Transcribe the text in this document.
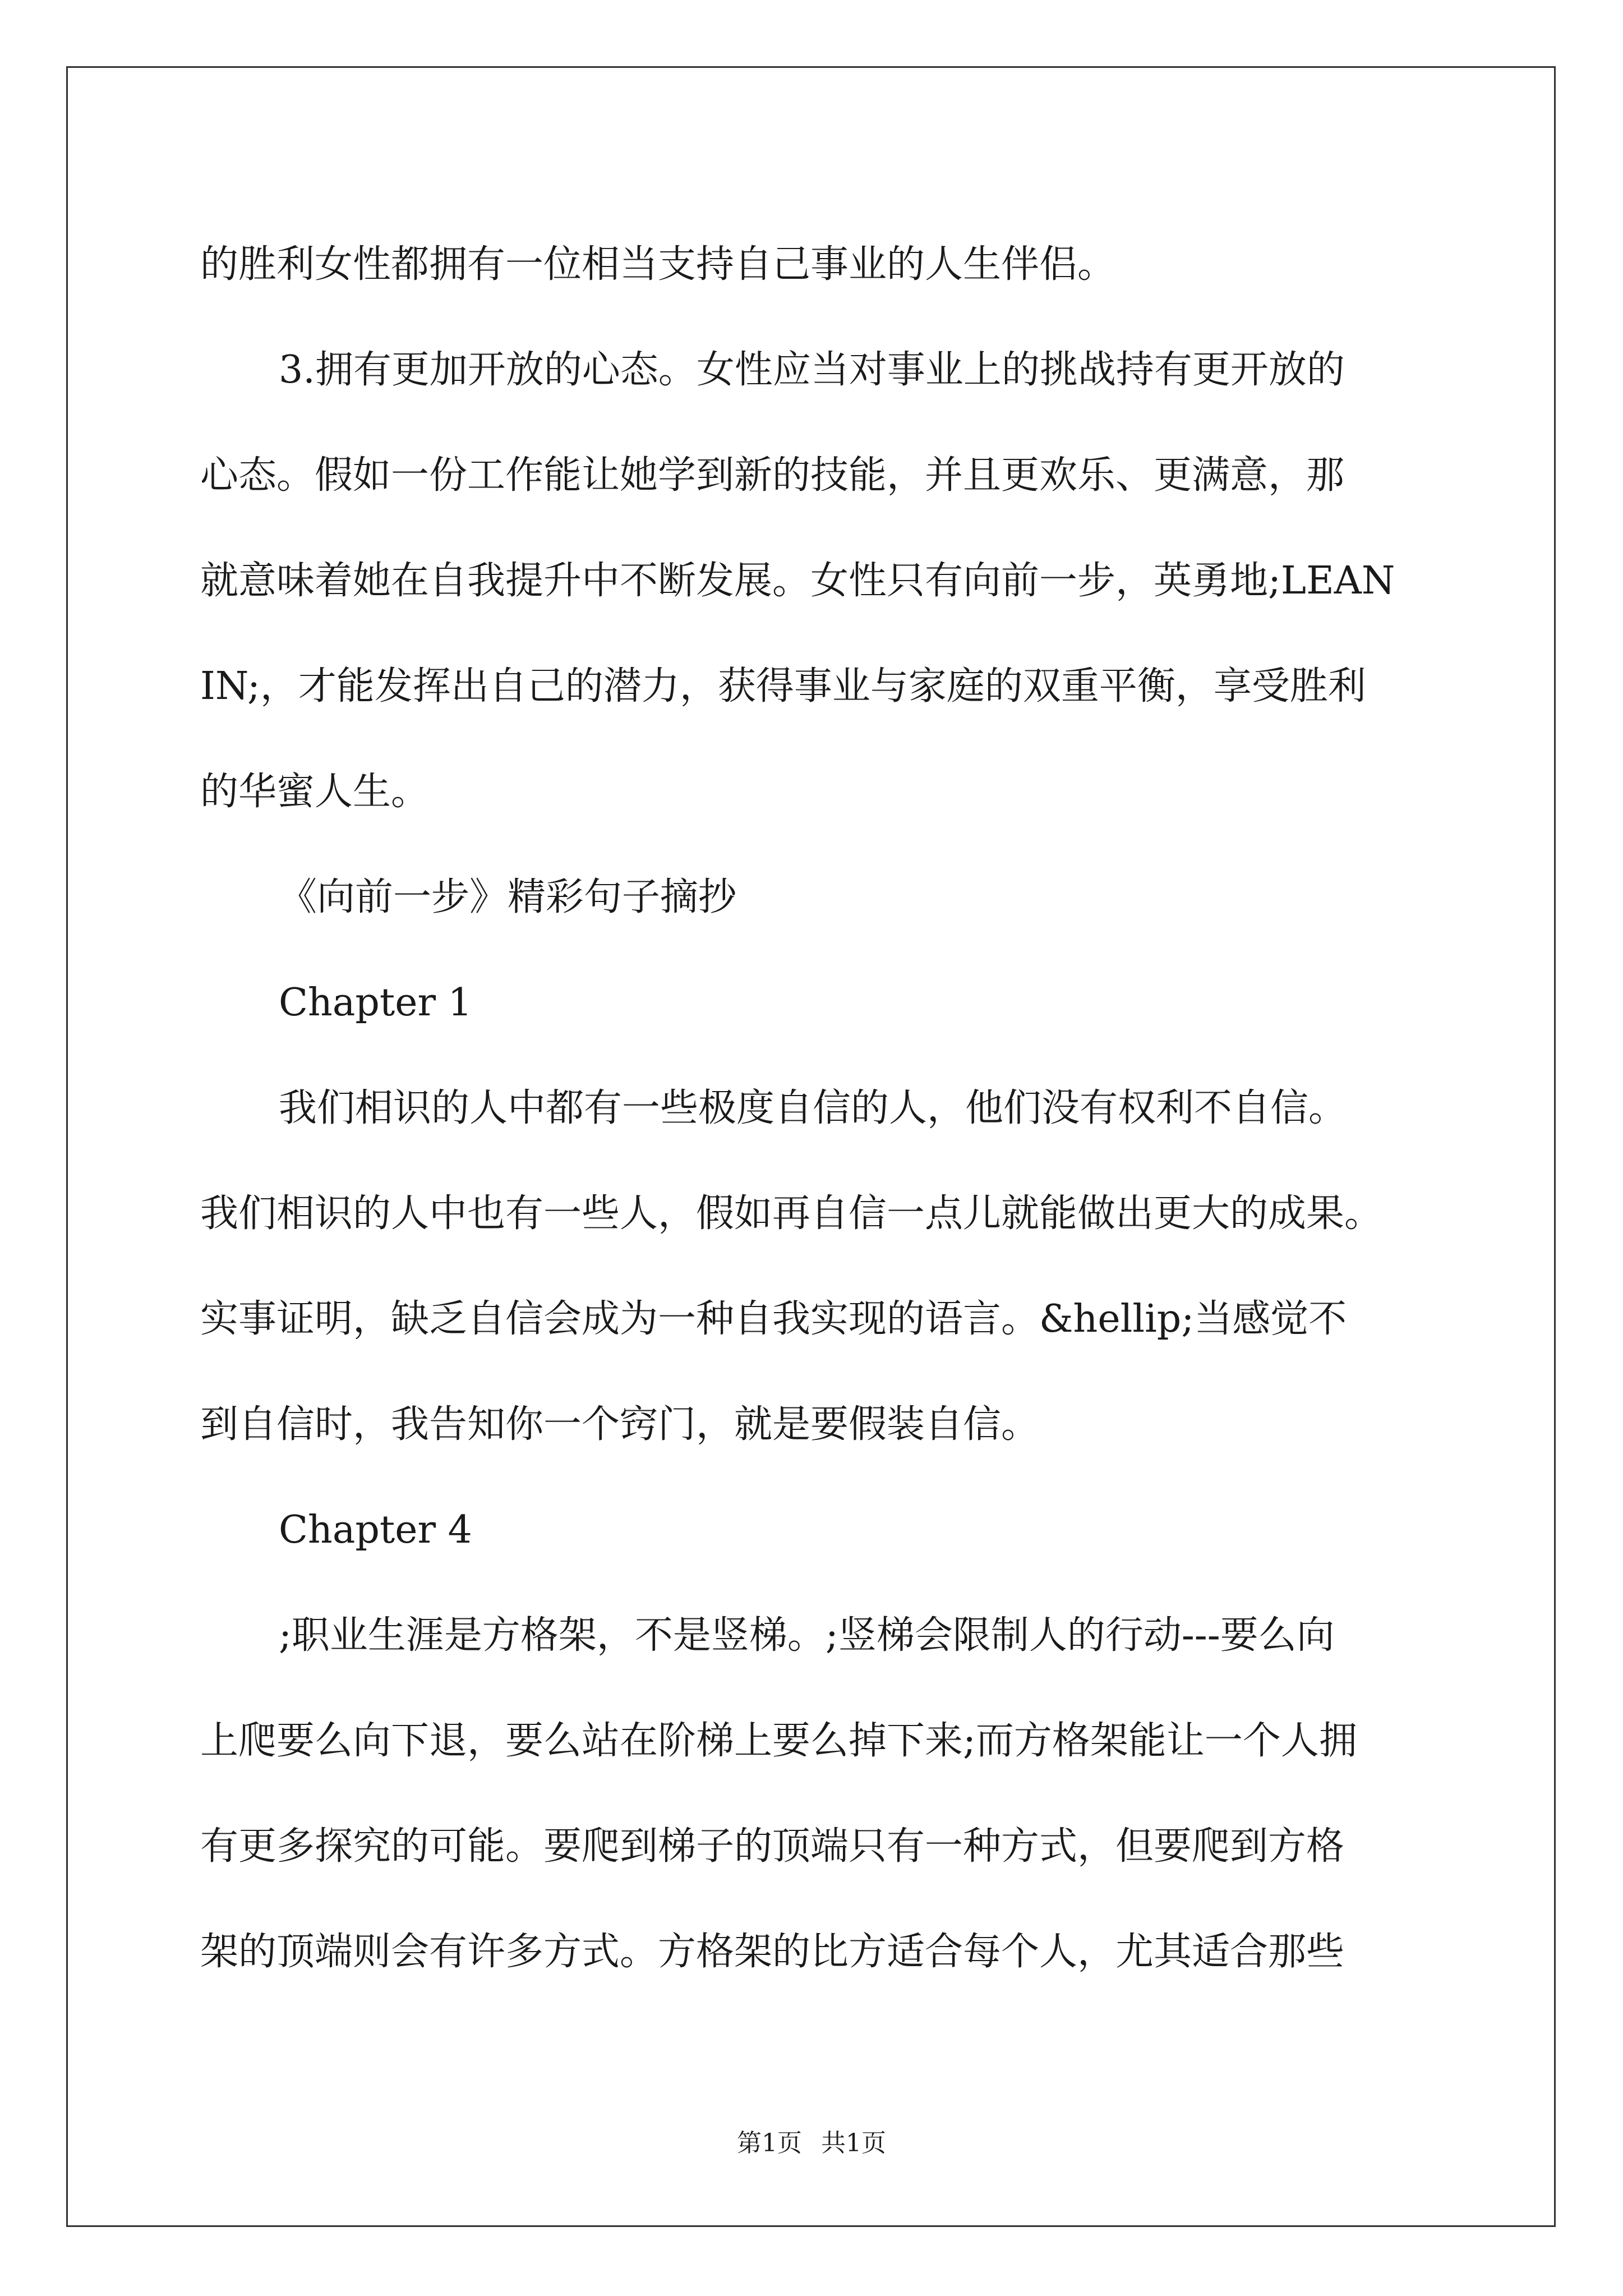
的胜利女性都拥有一位相当支持自己事业的人生伴侣。
3.拥有更加开放的心态。女性应当对事业上的挑战持有更开放的
心态。假如一份工作能让她学到新的技能，并且更欢乐、更满意，那
就意味着她在自我提升中不断发展。女性只有向前一步，英勇地;LEAN
IN;，才能发挥出自己的潜力，获得事业与家庭的双重平衡，享受胜利
的华蜜人生。
《向前一步》精彩句子摘抄
Chapter 1
我们相识的人中都有一些极度自信的人，他们没有权利不自信。
我们相识的人中也有一些人，假如再自信一点儿就能做出更大的成果。
实事证明，缺乏自信会成为一种自我实现的语言。&hellip;当感觉不
到自信时，我告知你一个窍门，就是要假装自信。
Chapter 4
;职业生涯是方格架，不是竖梯。;竖梯会限制人的行动---要么向
上爬要么向下退，要么站在阶梯上要么掉下来;而方格架能让一个人拥
有更多探究的可能。要爬到梯子的顶端只有一种方式，但要爬到方格
架的顶端则会有许多方式。方格架的比方适合每个人，尤其适合那些
第1页 共1页
